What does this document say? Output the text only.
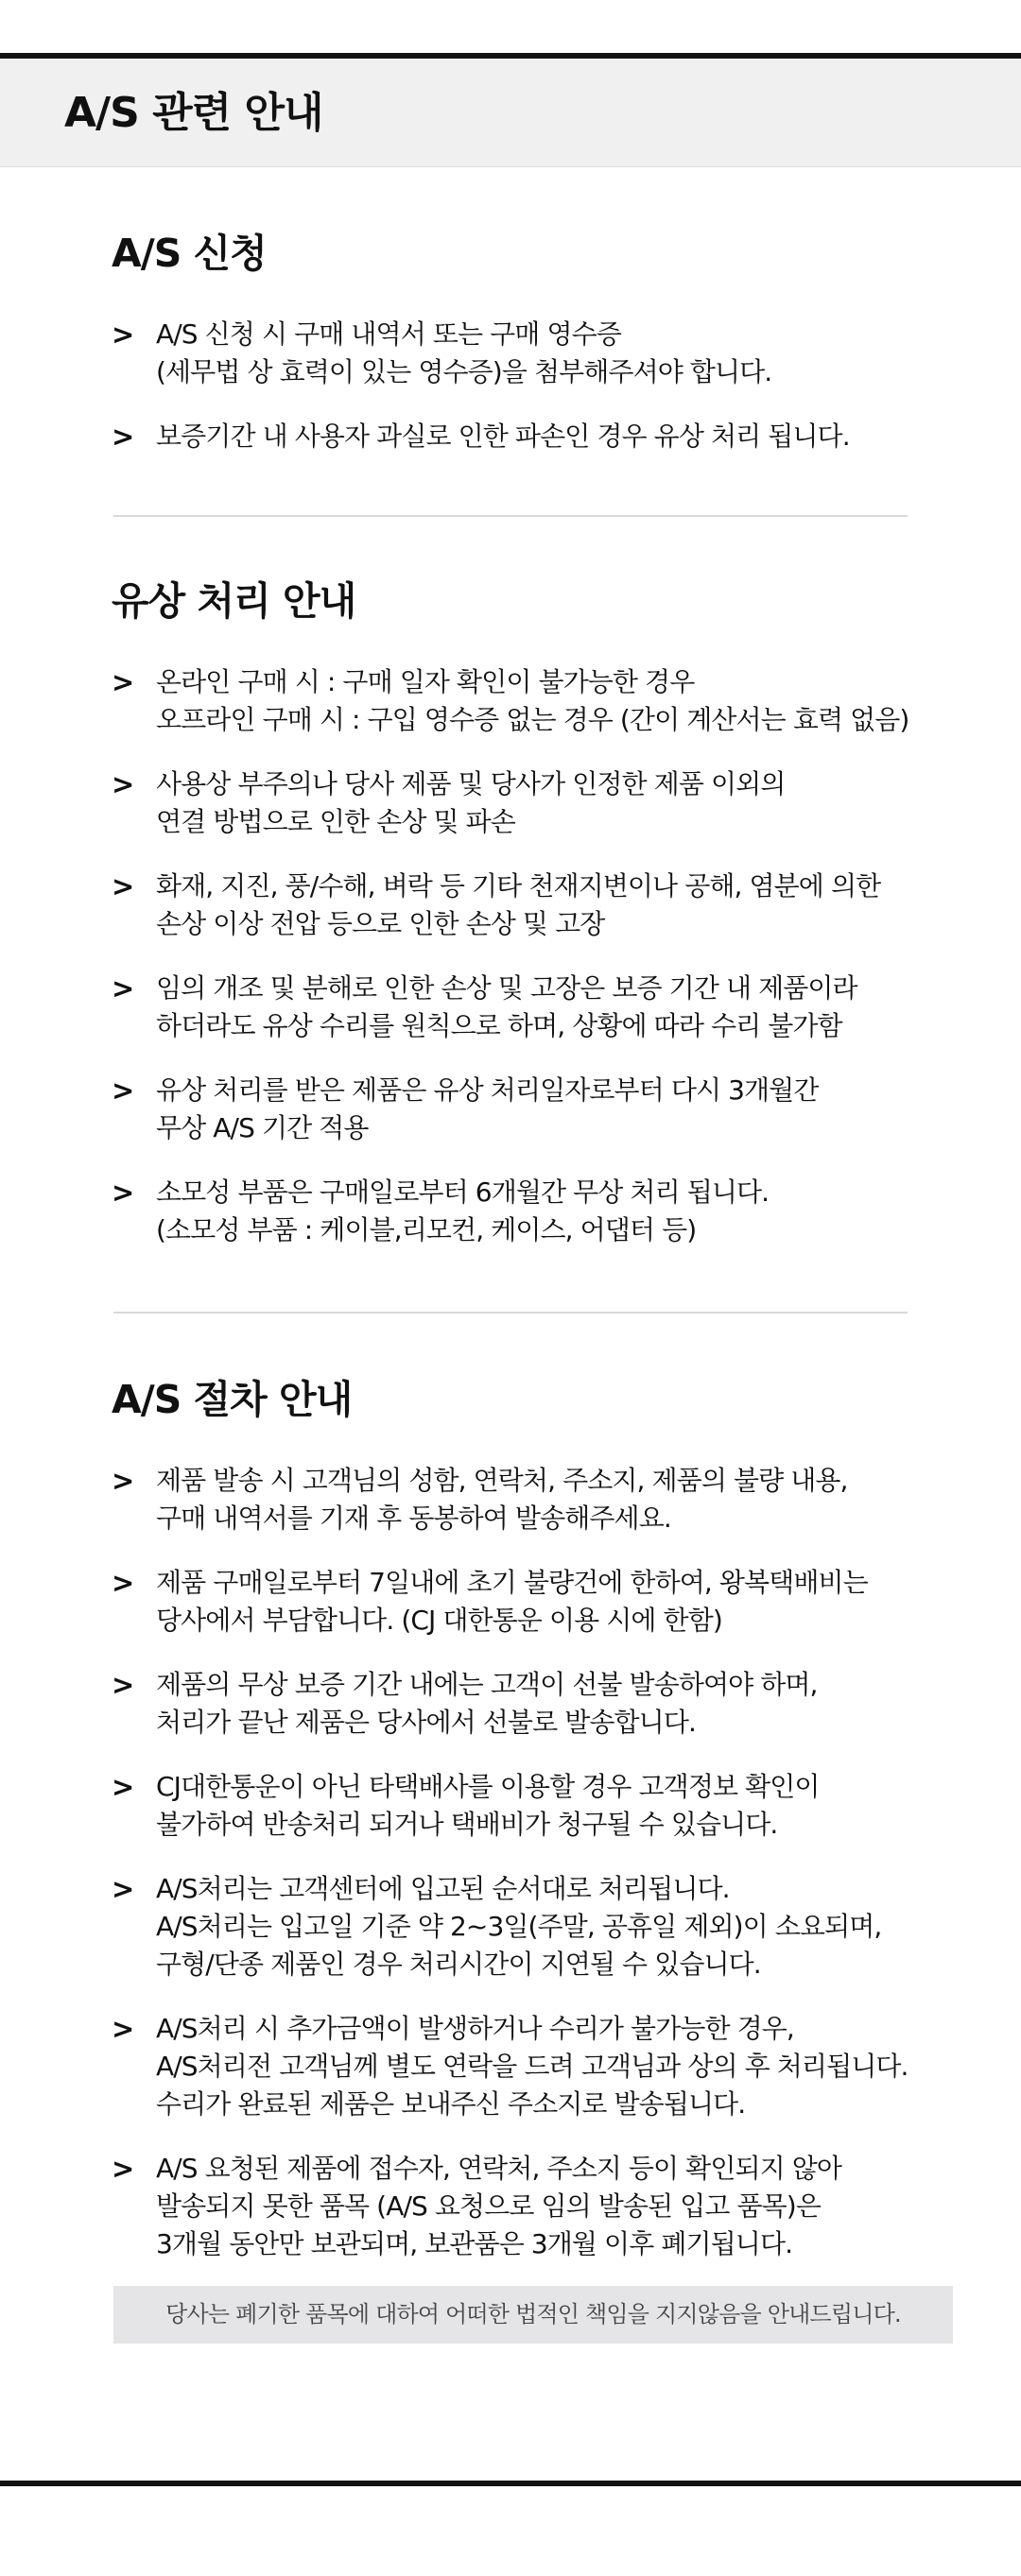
A/S 관련 안내
A/S 신청
> A/S 신청 시 구매 내역서 또는 구매 영수증
(세무법 상 효력이 있는 영수증)을 첨부해주셔야 합니다.
> 보증기간 내 사용자 과실로 인한 파손인 경우 유상 처리 됩니다.
유상 처리 안내
> 온라인 구매 시 : 구매 일자 확인이 불가능한 경우
오프라인 구매 시 : 구입 영수증 없는 경우 (간이 계산서는 효력 없음)
> 사용상 부주의나 당사 제품 및 당사가 인정한 제품 이외의
연결 방법으로 인한 손상 및 파손
> 화재, 지진, 풍/수해, 벼락 등 기타 천재지변이나 공해, 염분에 의한
손상 이상 전압 등으로 인한 손상 및 고장
> 임의 개조 및 분해로 인한 손상 및 고장은 보증 기간 내 제품이라
하더라도 유상 수리를 원칙으로 하며, 상황에 따라 수리 불가함
> 유상 처리를 받은 제품은 유상 처리일자로부터 다시 3개월간
무상 A/S 기간 적용
> 소모성 부품은 구매일로부터 6개월간 무상 처리 됩니다.
(소모성 부품 : 케이블,리모컨, 케이스, 어댑터 등)
A/S 절차 안내
> 제품 발송 시 고객님의 성함, 연락처, 주소지, 제품의 불량 내용,
구매 내역서를 기재 후 동봉하여 발송해주세요.
> 제품 구매일로부터 7일내에 초기 불량건에 한하여, 왕복택배비는
당사에서 부담합니다. (CJ 대한통운 이용 시에 한함)
> 제품의 무상 보증 기간 내에는 고객이 선불 발송하여야 하며,
처리가 끝난 제품은 당사에서 선불로 발송합니다.
> CJ대한통운이 아닌 타택배사를 이용할 경우 고객정보 확인이
불가하여 반송처리 되거나 택배비가 청구될 수 있습니다.
> A/S처리는 고객센터에 입고된 순서대로 처리됩니다.
A/S처리는 입고일 기준 약 2~3일(주말, 공휴일 제외)이 소요되며,
구형/단종 제품인 경우 처리시간이 지연될 수 있습니다.
> A/S처리 시 추가금액이 발생하거나 수리가 불가능한 경우,
A/S처리전 고객님께 별도 연락을 드려 고객님과 상의 후 처리됩니다.
수리가 완료된 제품은 보내주신 주소지로 발송됩니다.
> A/S 요청된 제품에 접수자, 연락처, 주소지 등이 확인되지 않아
발송되지 못한 품목 (A/S 요청으로 임의 발송된 입고 품목)은
3개월 동안만 보관되며, 보관품은 3개월 이후 폐기됩니다.
당사는 폐기한 품목에 대하여 어떠한 법적인 책임을 지지않음을 안내드립니다.
